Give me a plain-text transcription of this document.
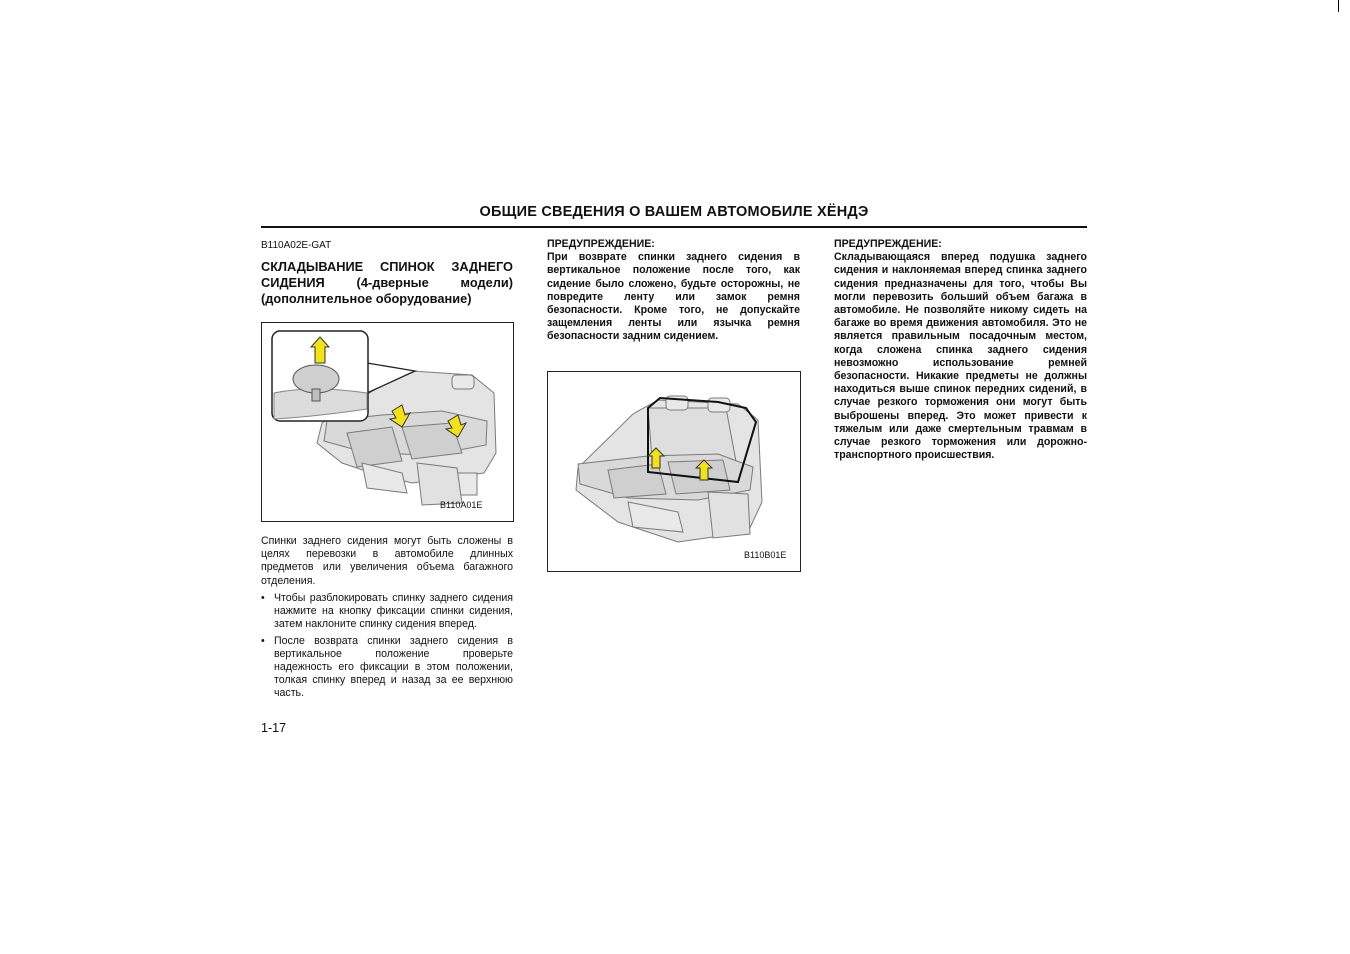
ОБЩИЕ СВЕДЕНИЯ О ВАШЕМ АВТОМОБИЛЕ ХЁНДЭ
B110A02E-GAT
СКЛАДЫВАНИЕ СПИНОК ЗАДНЕГО СИДЕНИЯ (4-дверные модели) (дополнительное оборудование)
B110A01E
Спинки заднего сидения могут быть сложены в целях перевозки в автомобиле длинных предметов или увеличения объема багажного отделения.
• Чтобы разблокировать спинку заднего сидения нажмите на кнопку фиксации спинки сидения, затем наклоните спинку сидения вперед.
• После возврата спинки заднего сидения в вертикальное положение проверьте надежность его фиксации в этом положении, толкая спинку вперед и назад за ее верхнюю часть.
1-17
ПРЕДУПРЕЖДЕНИЕ:
При возврате спинки заднего сидения в вертикальное положение после того, как сидение было сложено, будьте осторожны, не повредите ленту или замок ремня безопасности. Кроме того, не допускайте защемления ленты или язычка ремня безопасности задним сидением.
B110B01E
ПРЕДУПРЕЖДЕНИЕ:
Складывающаяся вперед подушка заднего сидения и наклоняемая вперед спинка заднего сидения предназначены для того, чтобы Вы могли перевозить больший объем багажа в автомобиле. Не позволяйте никому сидеть на багаже во время движения автомобиля. Это не является правильным посадочным местом, когда сложена спинка заднего сидения невозможно использование ремней безопасности. Никакие предметы не должны находиться выше спинок передних сидений, в случае резкого торможения они могут быть выброшены вперед. Это может привести к тяжелым или даже смертельным травмам в случае резкого торможения или дорожно-транспортного происшествия.
